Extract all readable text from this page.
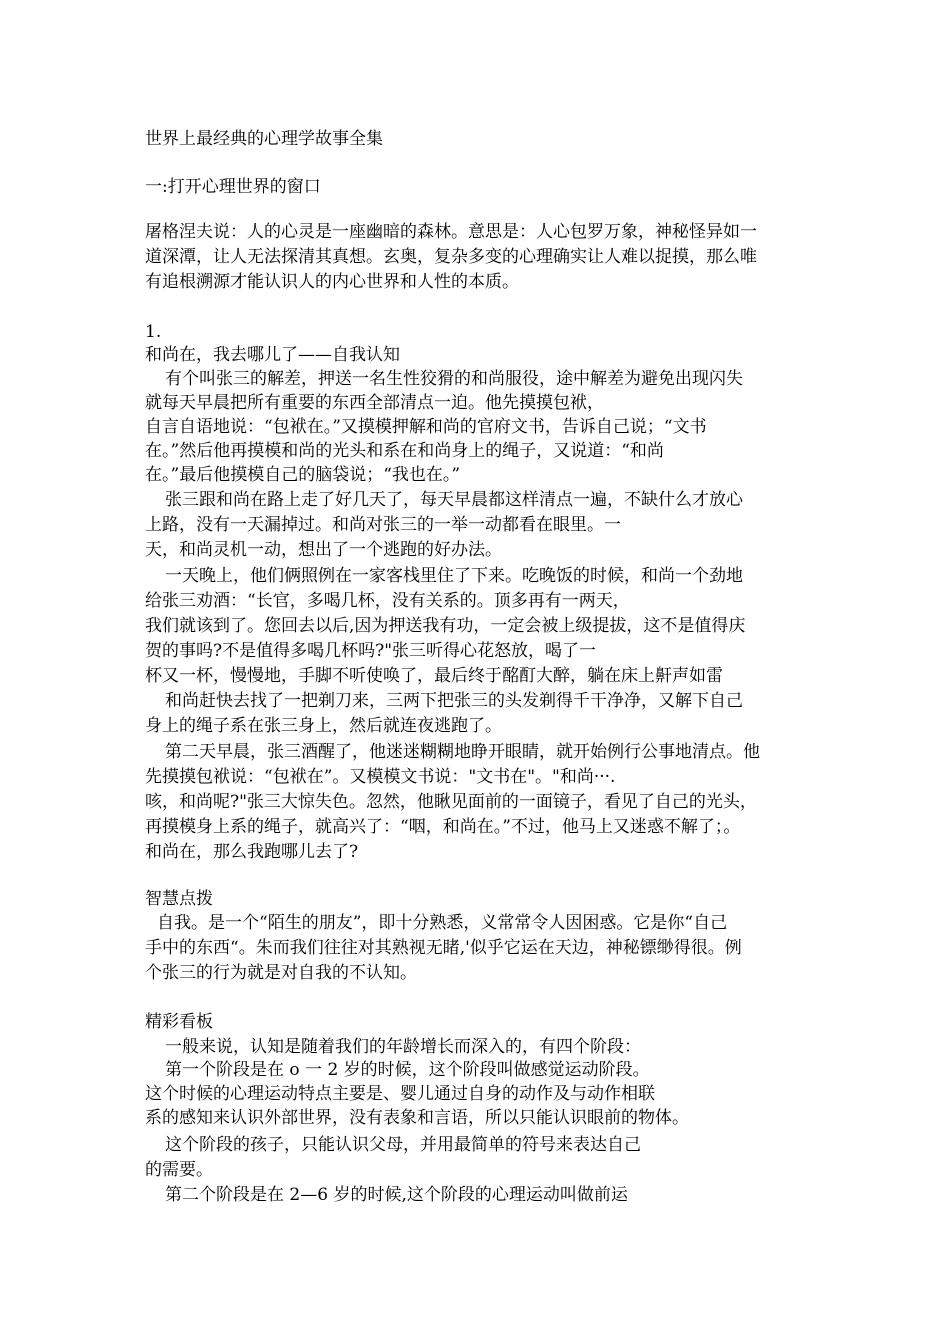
世界上最经典的心理学故事全集
一:打开心理世界的窗口
屠格涅夫说：人的心灵是一座幽暗的森林。意思是：人心包罗万象，神秘怪异如一
道深潭，让人无法探清其真想。玄奥，复杂多变的心理确实让人难以捉摸，那么唯
有追根溯源才能认识人的内心世界和人性的本质。
1.
和尚在，我去哪儿了——自我认知
有个叫张三的解差，押送一名生性狡猾的和尚服役，途中解差为避免出现闪失
就每天早晨把所有重要的东西全部清点一迫。他先摸摸包袱，
自言自语地说：“包袱在。”又摸模押解和尚的官府文书，告诉自己说；“文书
在。”然后他再摸模和尚的光头和系在和尚身上的绳子，又说道：“和尚
在。”最后他摸模自己的脑袋说；“我也在。”
张三跟和尚在路上走了好几天了，每天早晨都这样清点一遍，不缺什么才放心
上路，没有一天漏掉过。和尚对张三的一举一动都看在眼里。一
天，和尚灵机一动，想出了一个逃跑的好办法。
一天晚上，他们俩照例在一家客栈里住了下来。吃晚饭的时候，和尚一个劲地
给张三劝酒：“长官，多喝几杯，没有关系的。顶多再有一两天，
我们就该到了。您回去以后,因为押送我有功，一定会被上级提拔，这不是值得庆
贺的事吗?不是值得多喝几杯吗?"张三听得心花怒放，喝了一
杯又一杯，慢慢地，手脚不听使唤了，最后终于酩酊大醉，躺在床上鼾声如雷
和尚赶快去找了一把剃刀来，三两下把张三的头发剃得千干净净，又解下自己
身上的绳子系在张三身上，然后就连夜逃跑了。
第二天早晨，张三酒醒了，他迷迷糊糊地睁开眼睛，就开始例行公事地清点。他
先摸摸包袱说：“包袱在”。又模模文书说："文书在"。"和尚···.
咳，和尚呢?"张三大惊失色。忽然，他瞅见面前的一面镜子，看见了自己的光头，
再摸模身上系的绳子，就高兴了：“咽，和尚在。”不过，他马上又迷惑不解了；。
和尚在，那么我跑哪儿去了?
智慧点拨
自我。是一个“陌生的朋友”，即十分熟悉，义常常令人因困惑。它是你“自己
手中的东西“。朱而我们往往对其熟视无睹,'似乎它运在天边，神秘镖缈得很。例
个张三的行为就是对自我的不认知。
精彩看板
一般来说，认知是随着我们的年龄增长而深入的，有四个阶段：
第一个阶段是在 o 一 2 岁的时候，这个阶段叫做感觉运动阶段。
这个时候的心理运动特点主要是、婴儿通过自身的动作及与动作相联
系的感知来认识外部世界，没有表象和言语，所以只能认识眼前的物体。
这个阶段的孩子，只能认识父母，并用最简单的符号来表达自己
的需要。
第二个阶段是在 2—6 岁的时候,这个阶段的心理运动叫做前运
